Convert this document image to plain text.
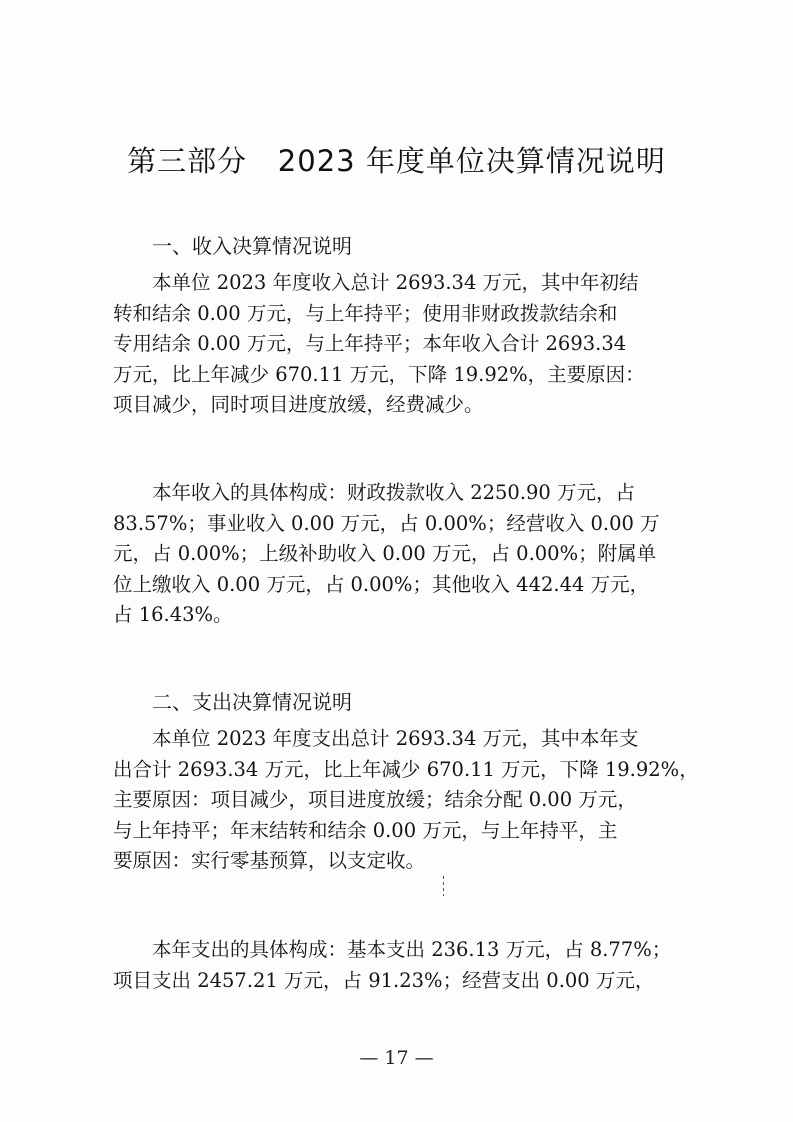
第三部分   2023 年度单位决算情况说明
一、收入决算情况说明
　　本单位 2023 年度收入总计 2693.34 万元，其中年初结
转和结余 0.00 万元，与上年持平；使用非财政拨款结余和
专用结余 0.00 万元，与上年持平；本年收入合计 2693.34
万元，比上年减少 670.11 万元，下降 19.92%，主要原因：
项目减少，同时项目进度放缓，经费减少。
　　本年收入的具体构成：财政拨款收入 2250.90 万元，占
83.57%；事业收入 0.00 万元，占 0.00%；经营收入 0.00 万
元，占 0.00%；上级补助收入 0.00 万元，占 0.00%；附属单
位上缴收入 0.00 万元，占 0.00%；其他收入 442.44 万元，
占 16.43%。
二、支出决算情况说明
　　本单位 2023 年度支出总计 2693.34 万元，其中本年支
出合计 2693.34 万元，比上年减少 670.11 万元，下降 19.92%，
主要原因：项目减少，项目进度放缓；结余分配 0.00 万元，
与上年持平；年末结转和结余 0.00 万元，与上年持平，主
要原因：实行零基预算，以支定收。
　　本年支出的具体构成：基本支出 236.13 万元，占 8.77%；
项目支出 2457.21 万元，占 91.23%；经营支出 0.00 万元，
— 17 —
